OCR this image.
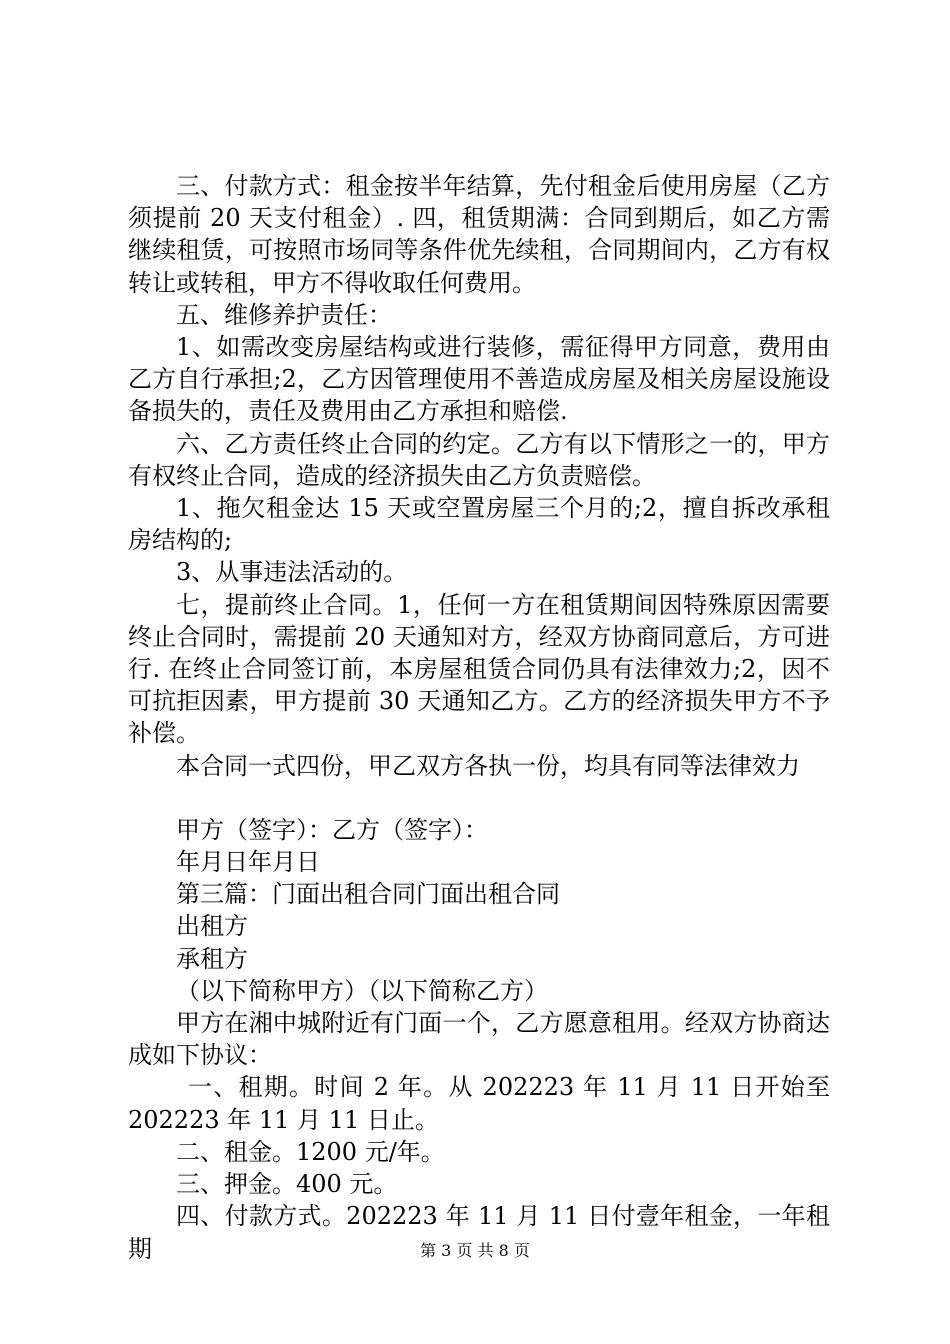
三、付款方式：租金按半年结算，先付租金后使用房屋（乙方须提前 20 天支付租金）. 四，租赁期满：合同到期后，如乙方需继续租赁，可按照市场同等条件优先续租，合同期间内，乙方有权转让或转租，甲方不得收取任何费用。

五、维修养护责任：

1、如需改变房屋结构或进行装修，需征得甲方同意，费用由乙方自行承担;2，乙方因管理使用不善造成房屋及相关房屋设施设备损失的，责任及费用由乙方承担和赔偿.

六、乙方责任终止合同的约定。乙方有以下情形之一的，甲方有权终止合同，造成的经济损失由乙方负责赔偿。

1、拖欠租金达 15 天或空置房屋三个月的;2，擅自拆改承租房结构的;

3、从事违法活动的。

七，提前终止合同。1，任何一方在租赁期间因特殊原因需要终止合同时，需提前 20 天通知对方，经双方协商同意后，方可进行. 在终止合同签订前，本房屋租赁合同仍具有法律效力;2，因不可抗拒因素，甲方提前 30 天通知乙方。乙方的经济损失甲方不予补偿。

本合同一式四份，甲乙双方各执一份，均具有同等法律效力

甲方（签字）：乙方（签字）：

年月日年月日

第三篇：门面出租合同门面出租合同

出租方

承租方

（以下简称甲方）（以下简称乙方）

甲方在湘中城附近有门面一个，乙方愿意租用。经双方协商达成如下协议：

一、租期。时间 2 年。从 202223 年 11 月 11 日开始至 202223 年 11 月 11 日止。

二、租金。1200 元/年。

三、押金。400 元。

四、付款方式。202223 年 11 月 11 日付壹年租金，一年租期	第 3 页 共 8 页
